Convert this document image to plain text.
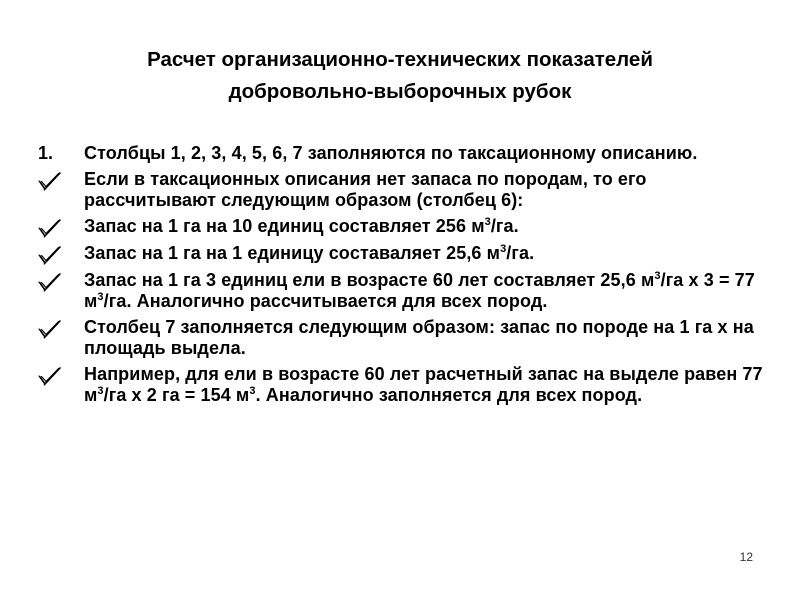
Расчет организационно-технических показателей
добровольно-выборочных рубок
1.	Столбцы 1, 2, 3, 4, 5, 6, 7 заполняются по таксационному описанию.
Если в таксационных описания нет запаса по породам, то его рассчитывают следующим образом (столбец 6):
Запас на 1 га на 10 единиц составляет 256 $м^3/га$.
Запас на 1 га на 1 единицу соcтаваляет 25,6 $м^3/га$.
Запас на 1 га 3 единиц ели в возрасте 60 лет составляет 25,6 $м^3/га$ х 3 = 77 $м^3/га$. Аналогично рассчитывается для всех пород.
Столбец 7 заполняется следующим образом: запас по породе на 1 га х на площадь выдела.
Например, для ели в возрасте 60 лет расчетный запас на выделе равен 77 $м^3/га$ х 2 га = 154 $м^3$. Аналогично заполняется для всех пород.
12
